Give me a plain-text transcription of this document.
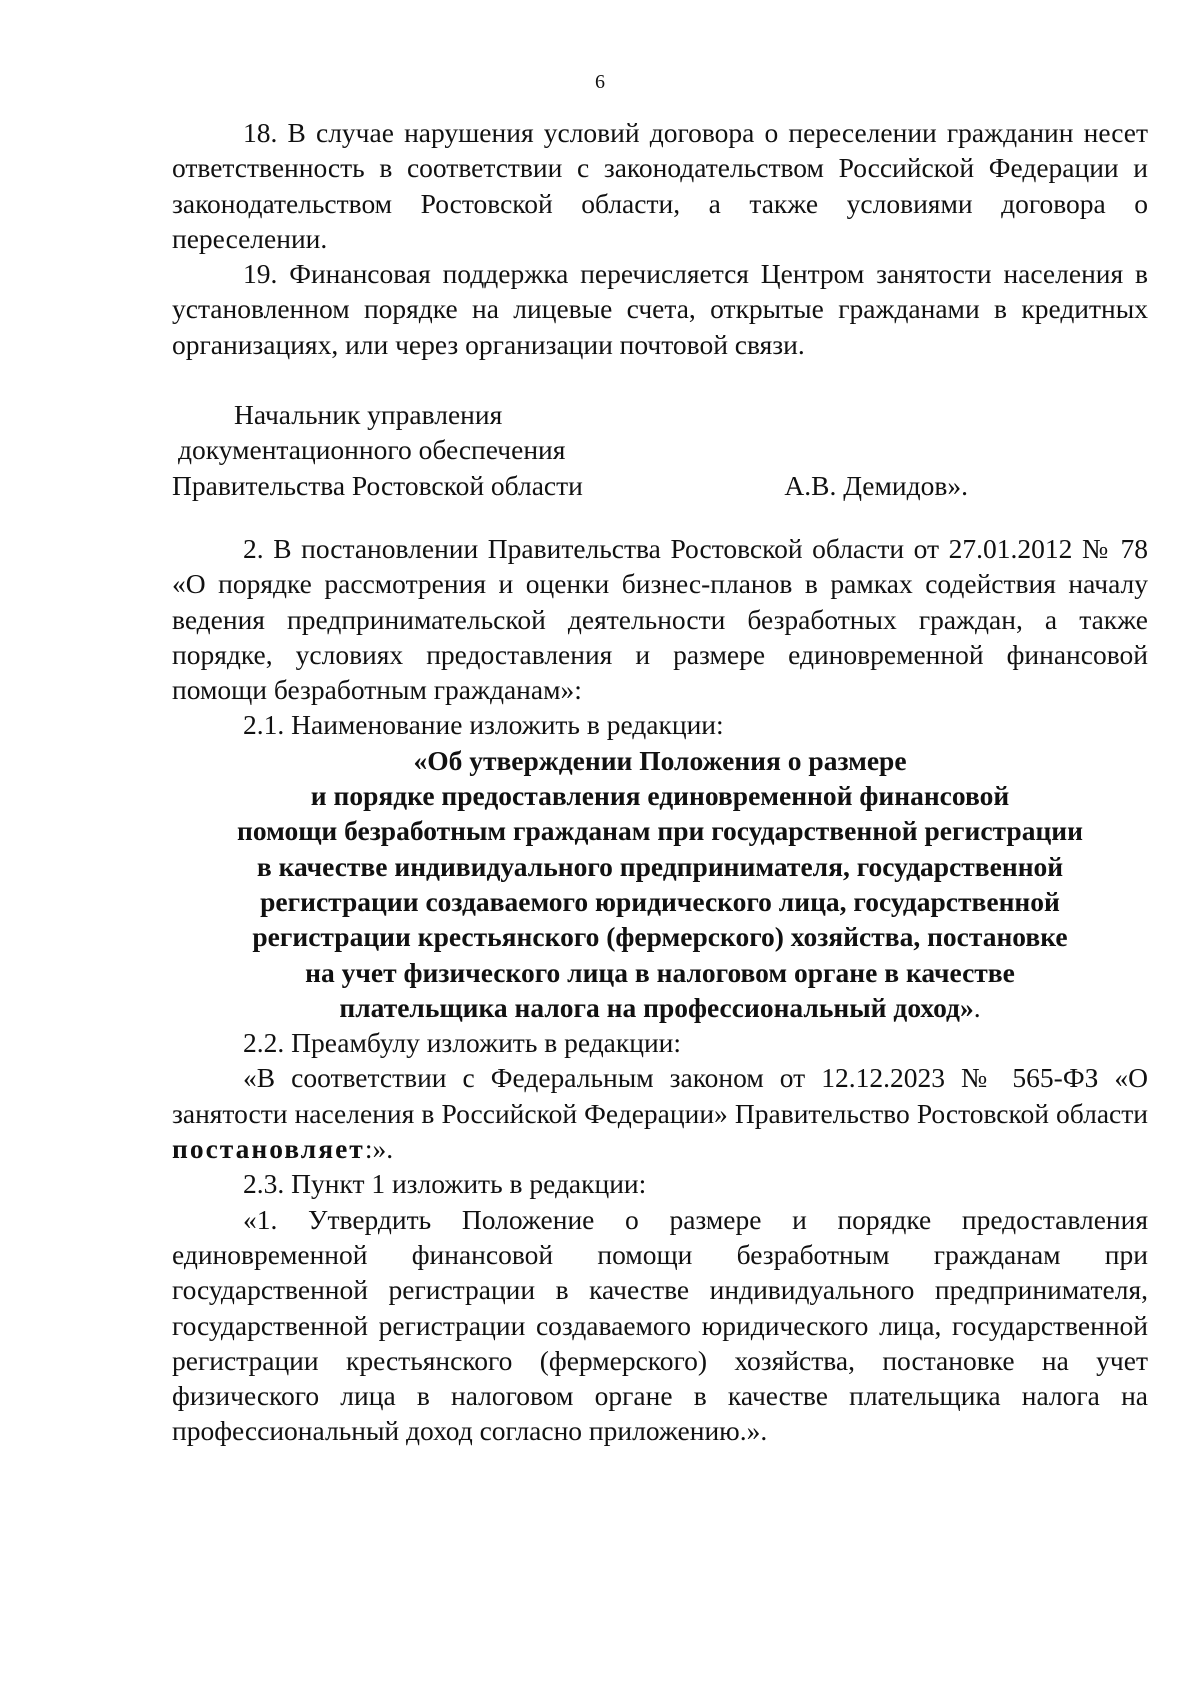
6

18. В случае нарушения условий договора о переселении гражданин несет ответственность в соответствии с законодательством Российской Федерации и законодательством Ростовской области, а также условиями договора о переселении.

19. Финансовая поддержка перечисляется Центром занятости населения в установленном порядке на лицевые счета, открытые гражданами в кредитных организациях, или через организации почтовой связи.

Начальник управления
документационного обеспечения
Правительства Ростовской области	А.В. Демидов».

2. В постановлении Правительства Ростовской области от 27.01.2012 № 78 «О порядке рассмотрения и оценки бизнес-планов в рамках содействия началу ведения предпринимательской деятельности безработных граждан, а также порядке, условиях предоставления и размере единовременной финансовой помощи безработным гражданам»:

2.1. Наименование изложить в редакции:

«Об утверждении Положения о размере
и порядке предоставления единовременной финансовой
помощи безработным гражданам при государственной регистрации
в качестве индивидуального предпринимателя, государственной
регистрации создаваемого юридического лица, государственной
регистрации крестьянского (фермерского) хозяйства, постановке
на учет физического лица в налоговом органе в качестве
плательщика налога на профессиональный доход».

2.2. Преамбулу изложить в редакции:

«В соответствии с Федеральным законом от 12.12.2023 № 565-ФЗ «О занятости населения в Российской Федерации» Правительство Ростовской области постановляет:».

2.3. Пункт 1 изложить в редакции:

«1. Утвердить Положение о размере и порядке предоставления единовременной финансовой помощи безработным гражданам при государственной регистрации в качестве индивидуального предпринимателя, государственной регистрации создаваемого юридического лица, государственной регистрации крестьянского (фермерского) хозяйства, постановке на учет физического лица в налоговом органе в качестве плательщика налога на профессиональный доход согласно приложению.».
